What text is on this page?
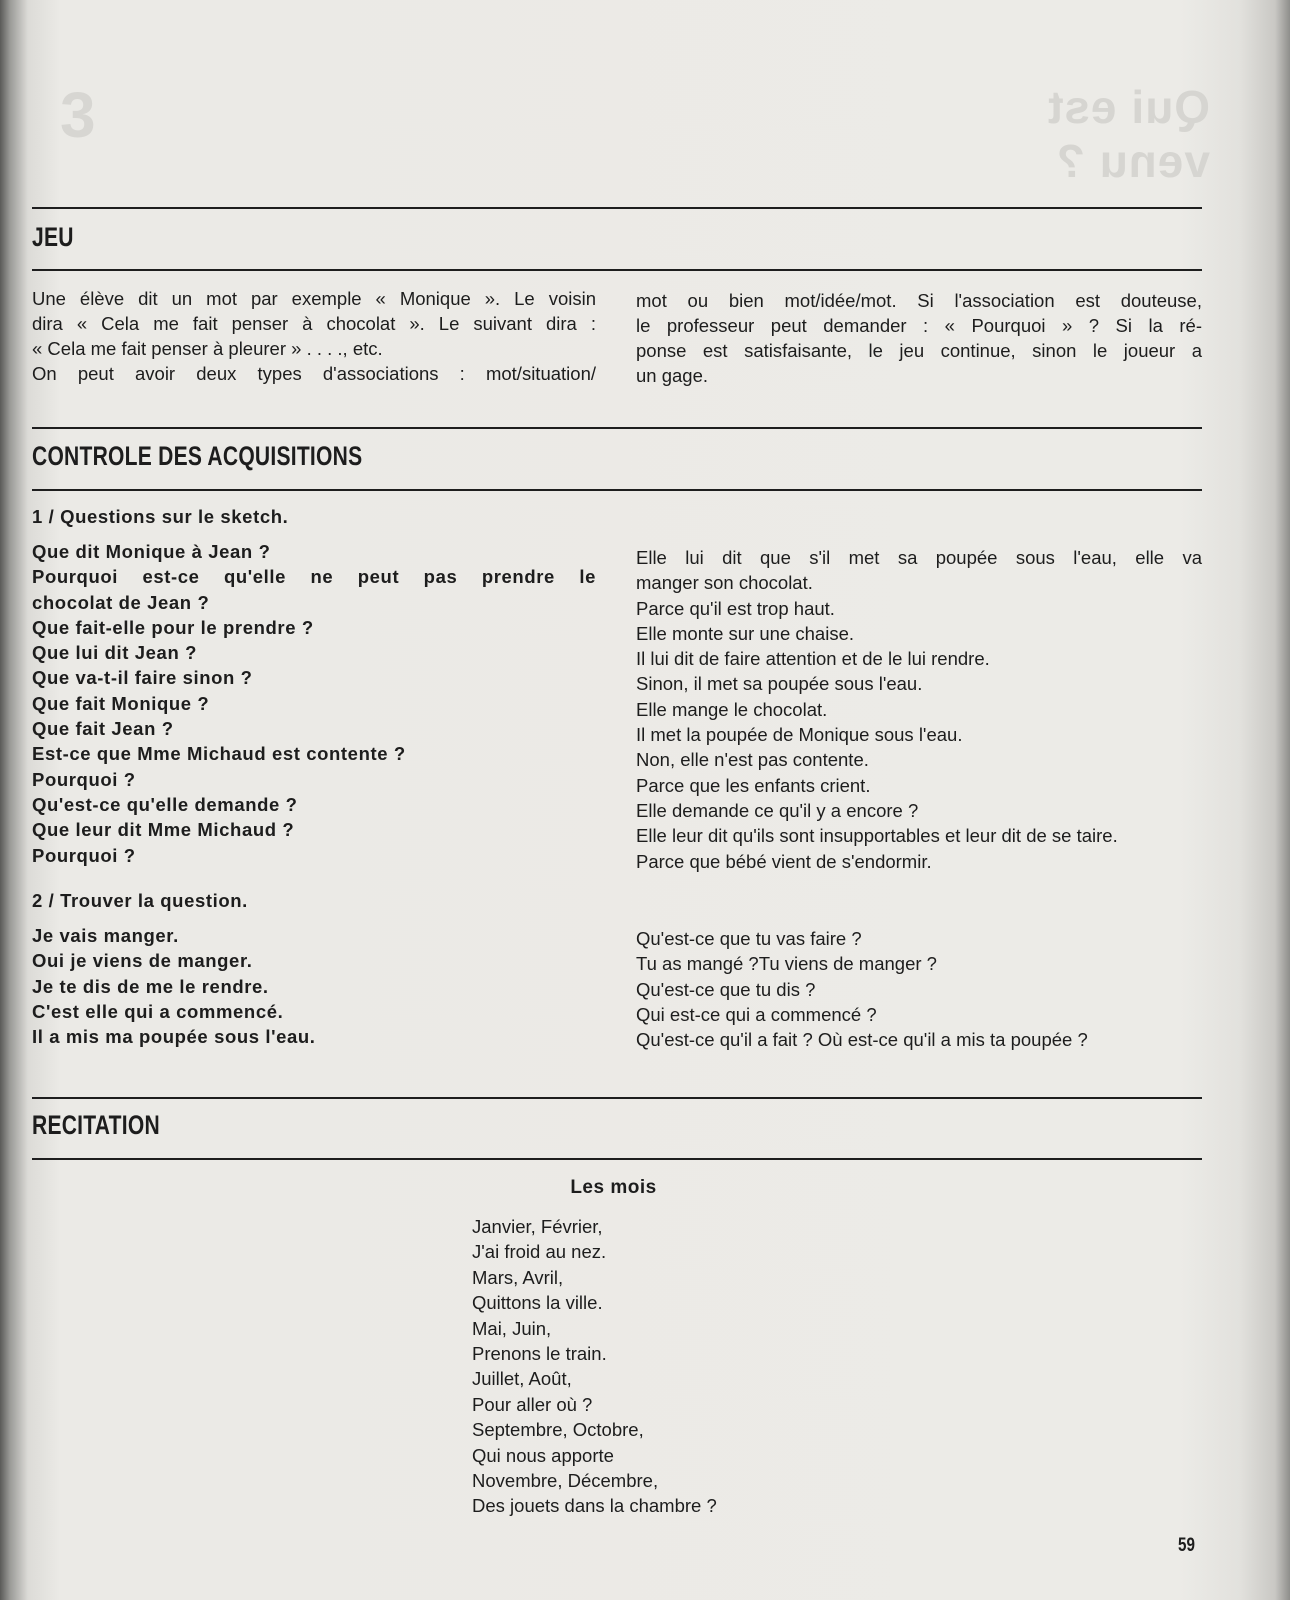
Qui est venu ?
3
JEU
Une élève dit un mot par exemple « Monique ». Le voisin
dira « Cela me fait penser à chocolat ». Le suivant dira :
« Cela me fait penser à pleurer » . . . ., etc.
On peut avoir deux types d'associations : mot/situation/
mot ou bien mot/idée/mot. Si l'association est douteuse,
le professeur peut demander : « Pourquoi » ? Si la ré-
ponse est satisfaisante, le jeu continue, sinon le joueur a
un gage.
CONTROLE DES ACQUISITIONS
1 / Questions sur le sketch.
Que dit Monique à Jean ?
Pourquoi est-ce qu'elle ne peut pas prendre le
chocolat de Jean ?
Que fait-elle pour le prendre ?
Que lui dit Jean ?
Que va-t-il faire sinon ?
Que fait Monique ?
Que fait Jean ?
Est-ce que Mme Michaud est contente ?
Pourquoi ?
Qu'est-ce qu'elle demande ?
Que leur dit Mme Michaud ?
Pourquoi ?
Elle lui dit que s'il met sa poupée sous l'eau, elle va
manger son chocolat.
Parce qu'il est trop haut.
Elle monte sur une chaise.
Il lui dit de faire attention et de le lui rendre.
Sinon, il met sa poupée sous l'eau.
Elle mange le chocolat.
Il met la poupée de Monique sous l'eau.
Non, elle n'est pas contente.
Parce que les enfants crient.
Elle demande ce qu'il y a encore ?
Elle leur dit qu'ils sont insupportables et leur dit de se taire.
Parce que bébé vient de s'endormir.
2 / Trouver la question.
Je vais manger.
Oui je viens de manger.
Je te dis de me le rendre.
C'est elle qui a commencé.
Il a mis ma poupée sous l'eau.
Qu'est-ce que tu vas faire ?
Tu as mangé ?Tu viens de manger ?
Qu'est-ce que tu dis ?
Qui est-ce qui a commencé ?
Qu'est-ce qu'il a fait ? Où est-ce qu'il a mis ta poupée ?
RECITATION
Les mois
Janvier, Février,
J'ai froid au nez.
Mars, Avril,
Quittons la ville.
Mai, Juin,
Prenons le train.
Juillet, Août,
Pour aller où ?
Septembre, Octobre,
Qui nous apporte
Novembre, Décembre,
Des jouets dans la chambre ?
59
